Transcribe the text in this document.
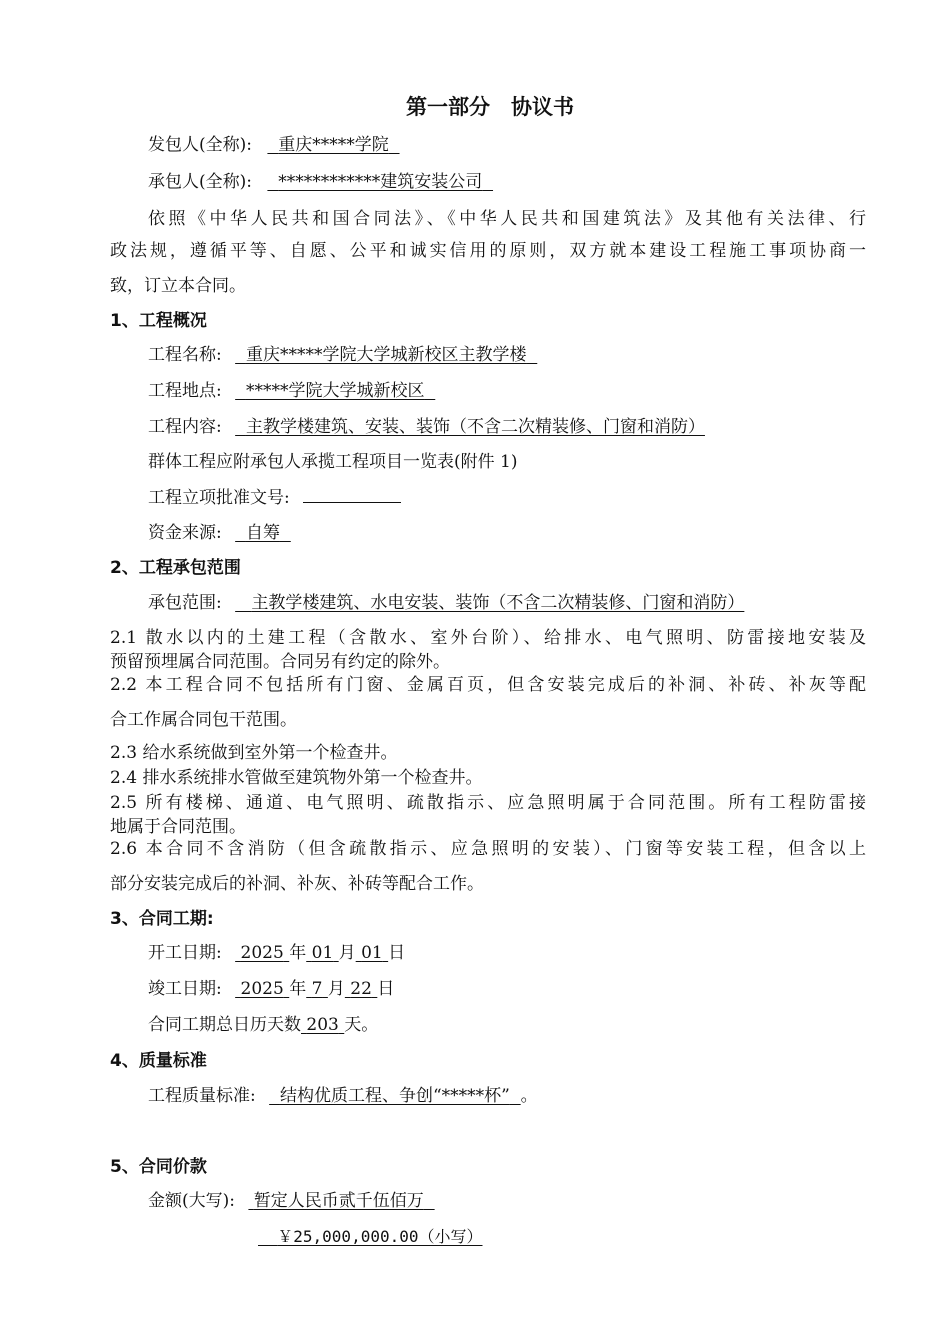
第一部分　协议书
发包人(全称): 重庆*****学院
承包人(全称): ************建筑安装公司
依照《中华人民共和国合同法》、《中华人民共和国建筑法》及其他有关法律、行
政法规，遵循平等、自愿、公平和诚实信用的原则，双方就本建设工程施工事项协商一
致，订立本合同。
1、工程概况
工程名称: 重庆*****学院大学城新校区主教学楼
工程地点: *****学院大学城新校区
工程内容: 主教学楼建筑、安装、装饰（不含二次精装修、门窗和消防）
群体工程应附承包人承揽工程项目一览表(附件 1)
工程立项批准文号:
资金来源: 自筹
2、工程承包范围
承包范围: 主教学楼建筑、水电安装、装饰（不含二次精装修、门窗和消防）
2.1 散水以内的土建工程（含散水、室外台阶）、给排水、电气照明、防雷接地安装及
预留预埋属合同范围。合同另有约定的除外。
2.2 本工程合同不包括所有门窗、金属百页，但含安装完成后的补洞、补砖、补灰等配
合工作属合同包干范围。
2.3 给水系统做到室外第一个检查井。
2.4 排水系统排水管做至建筑物外第一个检查井。
2.5 所有楼梯、通道、电气照明、疏散指示、应急照明属于合同范围。所有工程防雷接
地属于合同范围。
2.6 本合同不含消防（但含疏散指示、应急照明的安装）、门窗等安装工程，但含以上
部分安装完成后的补洞、补灰、补砖等配合工作。
3、合同工期:
开工日期: 2025 年 01 月 01 日
竣工日期: 2025 年 7 月 22 日
合同工期总日历天数 203 天。
4、质量标准
工程质量标准: 结构优质工程、争创“*****杯” 。
5、合同价款
金额(大写): 暂定人民币贰千伍佰万
￥25,000,000.00（小写）
